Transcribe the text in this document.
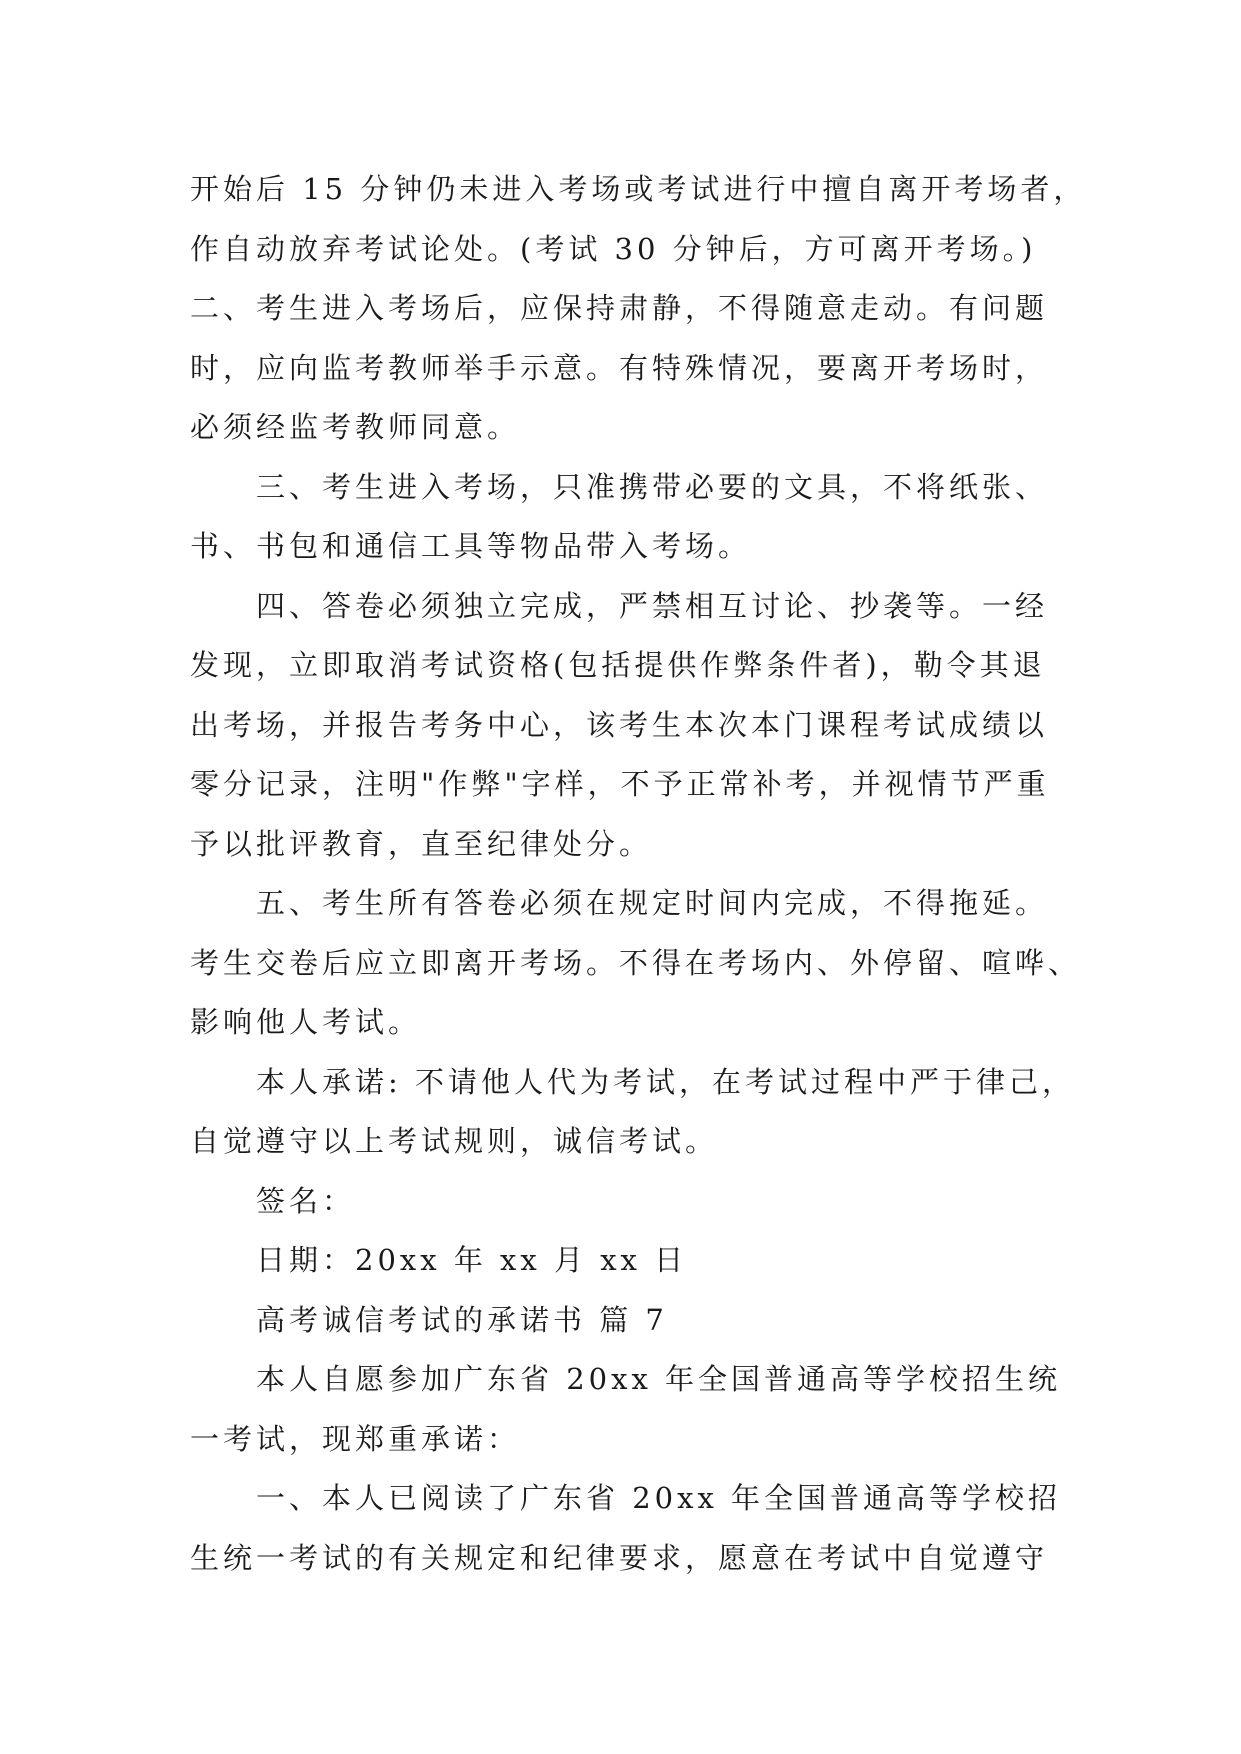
开始后 15 分钟仍未进入考场或考试进行中擅自离开考场者，

作自动放弃考试论处。(考试 30 分钟后，方可离开考场。)

二、考生进入考场后，应保持肃静，不得随意走动。有问题

时，应向监考教师举手示意。有特殊情况，要离开考场时，

必须经监考教师同意。

三、考生进入考场，只准携带必要的文具，不将纸张、

书、书包和通信工具等物品带入考场。

四、答卷必须独立完成，严禁相互讨论、抄袭等。一经

发现，立即取消考试资格(包括提供作弊条件者)，勒令其退

出考场，并报告考务中心，该考生本次本门课程考试成绩以

零分记录，注明"作弊"字样，不予正常补考，并视情节严重

予以批评教育，直至纪律处分。

五、考生所有答卷必须在规定时间内完成，不得拖延。

考生交卷后应立即离开考场。不得在考场内、外停留、喧哗、

影响他人考试。

本人承诺: 不请他人代为考试，在考试过程中严于律己，

自觉遵守以上考试规则，诚信考试。

签名：

日期：20xx 年 xx 月 xx 日

高考诚信考试的承诺书 篇 7

本人自愿参加广东省 20xx 年全国普通高等学校招生统

一考试，现郑重承诺：

一、本人已阅读了广东省 20xx 年全国普通高等学校招

生统一考试的有关规定和纪律要求，愿意在考试中自觉遵守
